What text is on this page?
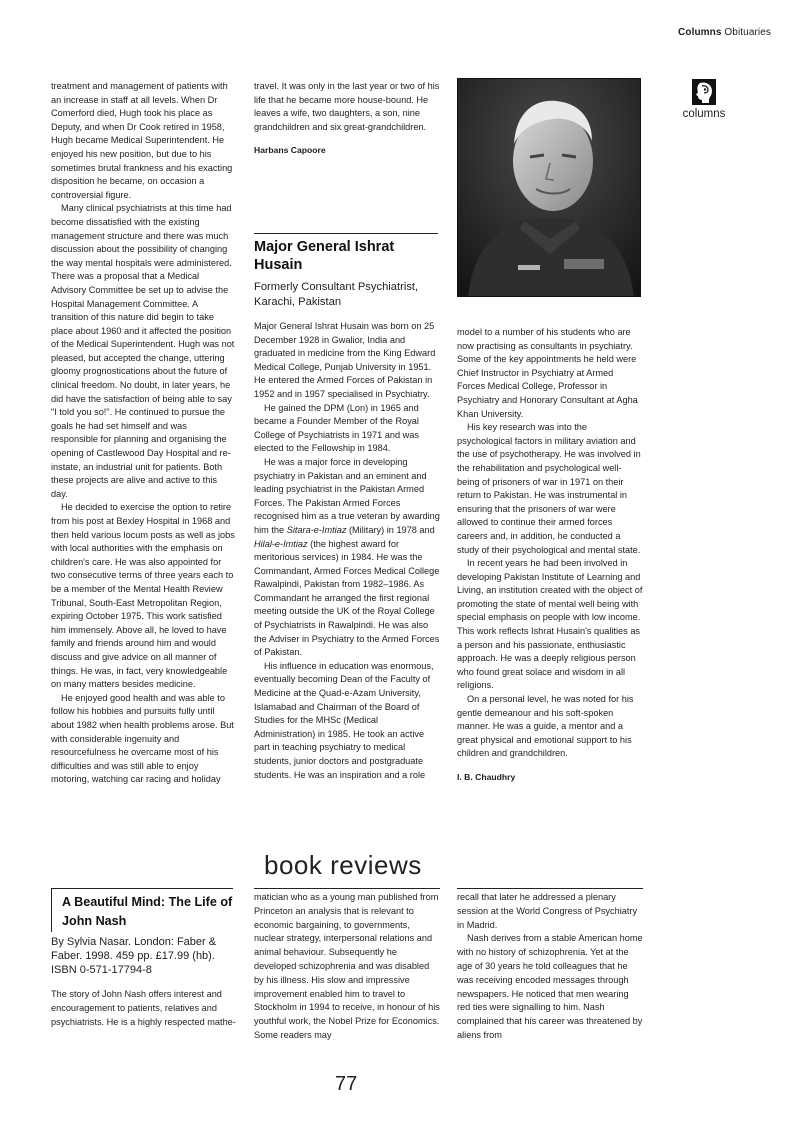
Columns Obituaries
columns

treatment and management of patients with an increase in staff at all levels. When Dr Comerford died, Hugh took his place as Deputy, and when Dr Cook retired in 1958, Hugh became Medical Superintendent. He enjoyed his new position, but due to his sometimes brutal frankness and his exacting disposition he became, on occasion a controversial figure.

Many clinical psychiatrists at this time had become dissatisfied with the existing management structure and there was much discussion about the possibility of changing the way mental hospitals were administered. There was a proposal that a Medical Advisory Committee be set up to advise the Hospital Management Committee. A transition of this nature did begin to take place about 1960 and it affected the position of the Medical Superintendent. Hugh was not pleased, but accepted the change, uttering gloomy prognostications about the future of clinical freedom. No doubt, in later years, he did have the satisfaction of being able to say "I told you so!". He continued to pursue the goals he had set himself and was responsible for planning and organising the opening of Castlewood Day Hospital and re-instate, an industrial unit for patients. Both these projects are alive and active to this day.

He decided to exercise the option to retire from his post at Bexley Hospital in 1968 and then held various locum posts as well as jobs with local authorities with the emphasis on children's care. He was also appointed for two consecutive terms of three years each to be a member of the Mental Health Review Tribunal, South-East Metropolitan Region, expiring October 1975. This work satisfied him immensely. Above all, he loved to have family and friends around him and would discuss and give advice on all manner of things. He was, in fact, very knowledgeable on many matters besides medicine.

He enjoyed good health and was able to follow his hobbies and pursuits fully until about 1982 when health problems arose. But with considerable ingenuity and resourcefulness he overcame most of his difficulties and was still able to enjoy motoring, watching car racing and holiday

travel. It was only in the last year or two of his life that he became more house-bound. He leaves a wife, two daughters, a son, nine grandchildren and six great-grandchildren.

Harbans Capoore

Major General Ishrat Husain

Formerly Consultant Psychiatrist, Karachi, Pakistan

Major General Ishrat Husain was born on 25 December 1928 in Gwalior, India and graduated in medicine from the King Edward Medical College, Punjab University in 1951. He entered the Armed Forces of Pakistan in 1952 and in 1957 specialised in Psychiatry.

He gained the DPM (Lon) in 1965 and became a Founder Member of the Royal College of Psychiatrists in 1971 and was elected to the Fellowship in 1984.

He was a major force in developing psychiatry in Pakistan and an eminent and leading psychiatrist in the Pakistan Armed Forces. The Pakistan Armed Forces recognised him as a true veteran by awarding him the Sitara-e-Imtiaz (Military) in 1978 and Hilal-e-Imtiaz (the highest award for meritorious services) in 1984. He was the Commandant, Armed Forces Medical College Rawalpindi, Pakistan from 1982–1986. As Commandant he arranged the first regional meeting outside the UK of the Royal College of Psychiatrists in Rawalpindi. He was also the Adviser in Psychiatry to the Armed Forces of Pakistan.

His influence in education was enormous, eventually becoming Dean of the Faculty of Medicine at the Quad-e-Azam University, Islamabad and Chairman of the Board of Studies for the MHSc (Medical Administration) in 1985. He took an active part in teaching psychiatry to medical students, junior doctors and postgraduate students. He was an inspiration and a role

model to a number of his students who are now practising as consultants in psychiatry. Some of the key appointments he held were Chief Instructor in Psychiatry at Armed Forces Medical College, Professor in Psychiatry and Honorary Consultant at Agha Khan University.

His key research was into the psychological factors in military aviation and the use of psychotherapy. He was involved in the rehabilitation and psychological well-being of prisoners of war in 1971 on their return to Pakistan. He was instrumental in ensuring that the prisoners of war were allowed to continue their armed forces careers and, in addition, he conducted a study of their psychological and mental state.

In recent years he had been involved in developing Pakistan Institute of Learning and Living, an institution created with the object of promoting the state of mental well being with special emphasis on people with low income. This work reflects Ishrat Husain's qualities as a person and his passionate, enthusiastic approach. He was a deeply religious person who found great solace and wisdom in all religions.

On a personal level, he was noted for his gentle demeanour and his soft-spoken manner. He was a guide, a mentor and a great physical and emotional support to his children and grandchildren.

I. B. Chaudhry

book reviews
A Beautiful Mind: The Life of John Nash
By Sylvia Nasar. London: Faber & Faber. 1998. 459 pp. £17.99 (hb). ISBN 0-571-17794-8

The story of John Nash offers interest and encouragement to patients, relatives and psychiatrists. He is a highly respected mathe-

matician who as a young man published from Princeton an analysis that is relevant to economic bargaining, to governments, nuclear strategy, interpersonal relations and animal behaviour. Subsequently he developed schizophrenia and was disabled by his illness. His slow and impressive improvement enabled him to travel to Stockholm in 1994 to receive, in honour of his youthful work, the Nobel Prize for Economics. Some readers may

recall that later he addressed a plenary session at the World Congress of Psychiatry in Madrid.

Nash derives from a stable American home with no history of schizophrenia. Yet at the age of 30 years he told colleagues that he was receiving encoded messages through newspapers. He noticed that men wearing red ties were signalling to him. Nash complained that his career was threatened by aliens from

77
